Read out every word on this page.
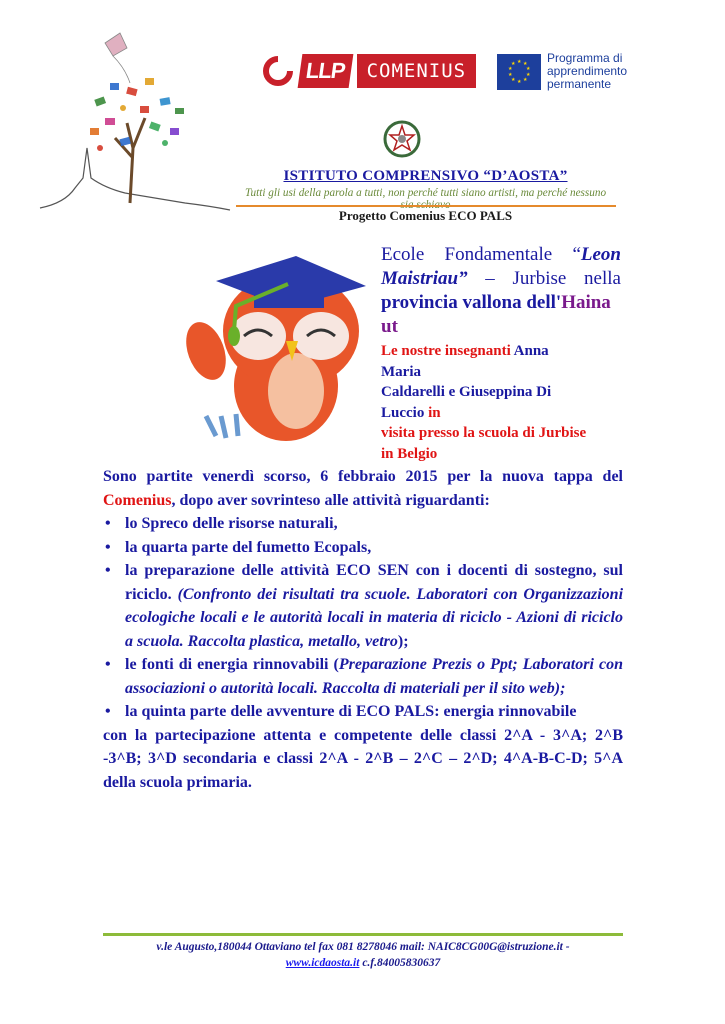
LLP	COMENIUS	★ ★
★
★
★
★
★
★
★
★	Programma di
apprendimento
permanente
ISTITUTO COMPRENSIVO “D’AOSTA”
Tutti gli usi della parola a tutti, non perché tutti siano artisti, ma perché nessuno
Progetto Comenius ECO PALS
Ecole Fondamentale “Leon
Maistriau” – Jurbise nella
provincia vallona dell'Haina
ut
Le nostre insegnanti Anna
Maria
Caldarelli e Giuseppina Di
Luccio in
visita presso la scuola di Jurbise
in Belgio

Sono partite venerdì scorso, 6 febbraio 2015 per la nuova tappa del Comenius, dopo aver sovrinteso alle attività riguardanti:

• lo Spreco delle risorse naturali,
• la quarta parte del fumetto Ecopals,
• la preparazione delle attività ECO SEN con i docenti di sostegno, sul riciclo. (Confronto dei risultati tra scuole. Laboratori con Organizzazioni ecologiche locali e le autorità locali in materia di riciclo - Azioni di riciclo a scuola. Raccolta plastica, metallo, vetro);
• le fonti di energia rinnovabili (Preparazione Prezis o Ppt; Laboratori con associazioni o autorità locali. Raccolta di materiali per il sito web);
• la quinta parte delle avventure di ECO PALS: energia rinnovabile

con la partecipazione attenta e competente delle classi 2^A - 3^A; 2^B -3^B; 3^D secondaria e classi 2^A - 2^B – 2^C – 2^D; 4^A-B-C-D; 5^A della scuola primaria.

v.le Augusto,180044 Ottaviano tel fax 081 8278046 mail: NAIC8CG00G@istruzione.it -
www.icdaosta.it c.f.84005830637
